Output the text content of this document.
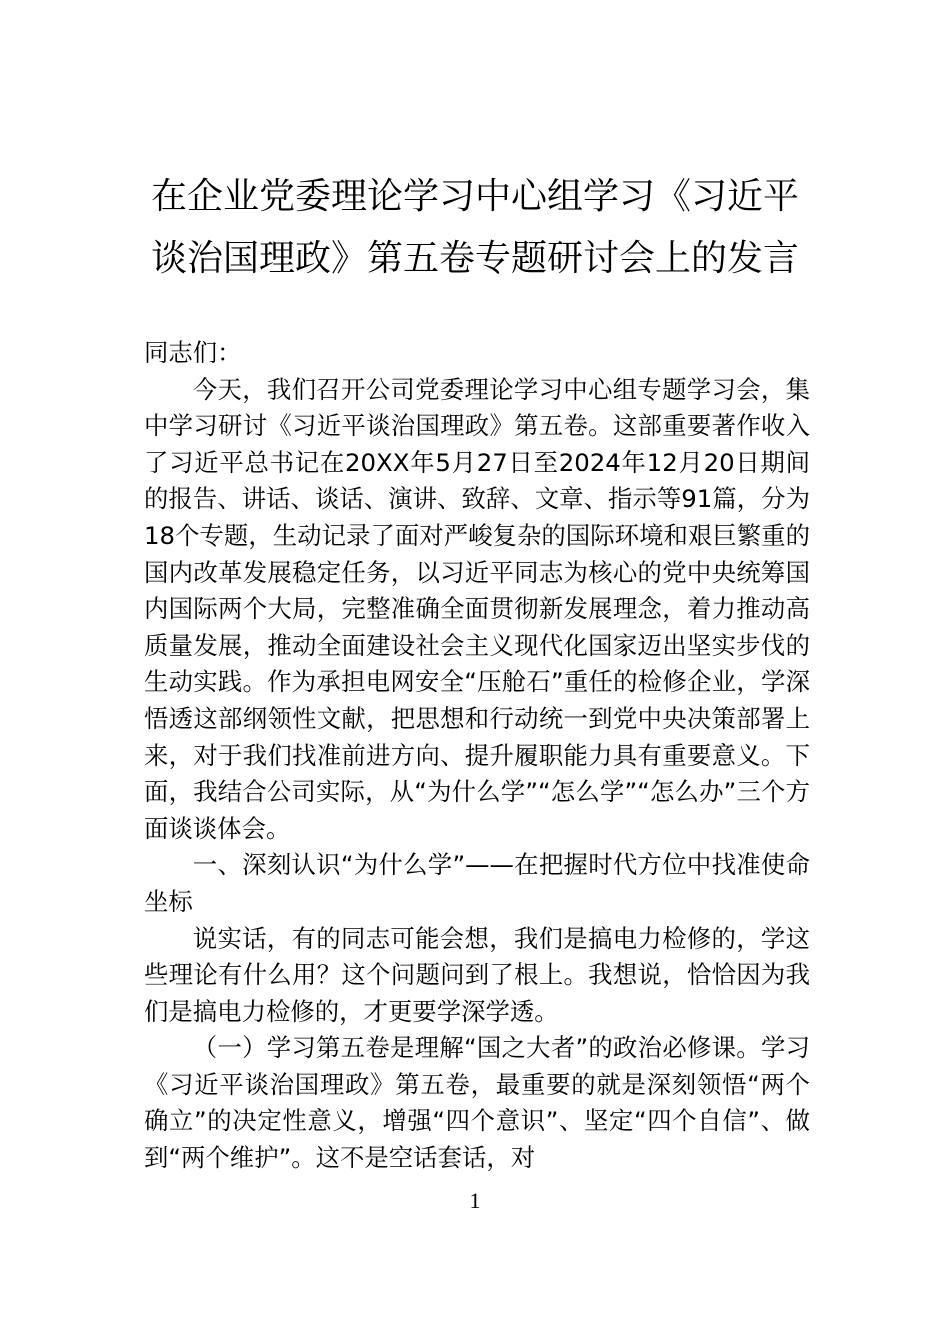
在企业党委理论学习中心组学习《习近平
谈治国理政》第五卷专题研讨会上的发言

同志们：

今天，我们召开公司党委理论学习中心组专题学习会，集中学习研讨《习近平谈治国理政》第五卷。这部重要著作收入了习近平总书记在20XX年5月27日至2024年12月20日期间的报告、讲话、谈话、演讲、致辞、文章、指示等91篇，分为18个专题，生动记录了面对严峻复杂的国际环境和艰巨繁重的国内改革发展稳定任务，以习近平同志为核心的党中央统筹国内国际两个大局，完整准确全面贯彻新发展理念，着力推动高质量发展，推动全面建设社会主义现代化国家迈出坚实步伐的生动实践。作为承担电网安全“压舱石”重任的检修企业，学深悟透这部纲领性文献，把思想和行动统一到党中央决策部署上来，对于我们找准前进方向、提升履职能力具有重要意义。下面，我结合公司实际，从“为什么学”“怎么学”“怎么办”三个方面谈谈体会。

一、深刻认识“为什么学”——在把握时代方位中找准使命坐标

说实话，有的同志可能会想，我们是搞电力检修的，学这些理论有什么用？这个问题问到了根上。我想说，恰恰因为我们是搞电力检修的，才更要学深学透。

（一）学习第五卷是理解“国之大者”的政治必修课。学习《习近平谈治国理政》第五卷，最重要的就是深刻领悟“两个确立”的决定性意义，增强“四个意识”、坚定“四个自信”、做到“两个维护”。这不是空话套话，对

1
